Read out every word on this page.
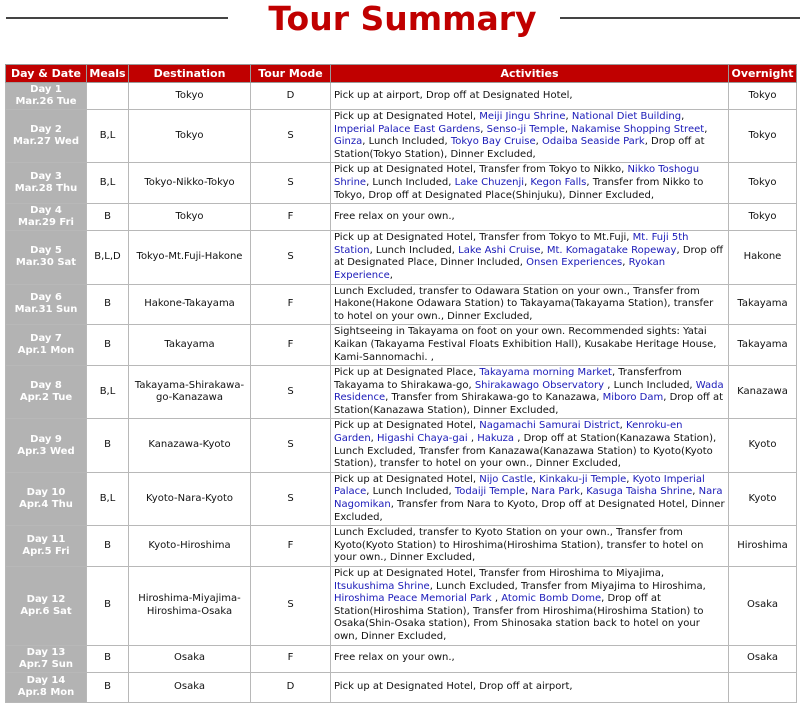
Tour Summary
Day & Date	Meals	Destination	Tour Mode	Activities	Overnight
Day 1
Mar.26 Tue		Tokyo	D	Pick up at airport, Drop off at Designated Hotel,	Tokyo
Day 2
Mar.27 Wed	B,L	Tokyo	S	Pick up at Designated Hotel, Meiji Jingu Shrine, National Diet Building, Imperial Palace East Gardens, Senso-ji Temple, Nakamise Shopping Street, Ginza, Lunch Included, Tokyo Bay Cruise, Odaiba Seaside Park, Drop off at Station(Tokyo Station), Dinner Excluded,	Tokyo
Day 3
Mar.28 Thu	B,L	Tokyo-Nikko-Tokyo	S	Pick up at Designated Hotel, Transfer from Tokyo to Nikko, Nikko Toshogu Shrine, Lunch Included, Lake Chuzenji, Kegon Falls, Transfer from Nikko to Tokyo, Drop off at Designated Place(Shinjuku), Dinner Excluded,	Tokyo
Day 4
Mar.29 Fri	B	Tokyo	F	Free relax on your own.,	Tokyo
Day 5
Mar.30 Sat	B,L,D	Tokyo-Mt.Fuji-Hakone	S	Pick up at Designated Hotel, Transfer from Tokyo to Mt.Fuji, Mt. Fuji 5th Station, Lunch Included, Lake Ashi Cruise, Mt. Komagatake Ropeway, Drop off at Designated Place, Dinner Included, Onsen Experiences, Ryokan Experience,	Hakone
Day 6
Mar.31 Sun	B	Hakone-Takayama	F	Lunch Excluded, transfer to Odawara Station on your own., Transfer from Hakone(Hakone Odawara Station) to Takayama(Takayama Station), transfer to hotel on your own., Dinner Excluded,	Takayama
Day 7
Apr.1 Mon	B	Takayama	F	Sightseeing in Takayama on foot on your own. Recommended sights: Yatai Kaikan (Takayama Festival Floats Exhibition Hall), Kusakabe Heritage House, Kami-Sannomachi. ,	Takayama
Day 8
Apr.2 Tue	B,L	Takayama-Shirakawa-go-Kanazawa	S	Pick up at Designated Place, Takayama morning Market, Transferfrom Takayama to Shirakawa-go, Shirakawago Observatory , Lunch Included, Wada Residence, Transfer from Shirakawa-go to Kanazawa, Miboro Dam, Drop off at Station(Kanazawa Station), Dinner Excluded,	Kanazawa
Day 9
Apr.3 Wed	B	Kanazawa-Kyoto	S	Pick up at Designated Hotel, Nagamachi Samurai District, Kenroku-en Garden, Higashi Chaya-gai , Hakuza , Drop off at Station(Kanazawa Station), Lunch Excluded, Transfer from Kanazawa(Kanazawa Station) to Kyoto(Kyoto Station), transfer to hotel on your own., Dinner Excluded,	Kyoto
Day 10
Apr.4 Thu	B,L	Kyoto-Nara-Kyoto	S	Pick up at Designated Hotel, Nijo Castle, Kinkaku-ji Temple, Kyoto Imperial Palace, Lunch Included, Todaiji Temple, Nara Park, Kasuga Taisha Shrine, Nara Nagomikan, Transfer from Nara to Kyoto, Drop off at Designated Hotel, Dinner Excluded,	Kyoto
Day 11
Apr.5 Fri	B	Kyoto-Hiroshima	F	Lunch Excluded, transfer to Kyoto Station on your own., Transfer from Kyoto(Kyoto Station) to Hiroshima(Hiroshima Station), transfer to hotel on your own., Dinner Excluded,	Hiroshima
Day 12
Apr.6 Sat	B	Hiroshima-Miyajima-Hiroshima-Osaka	S	Pick up at Designated Hotel, Transfer from Hiroshima to Miyajima, Itsukushima Shrine, Lunch Excluded, Transfer from Miyajima to Hiroshima, Hiroshima Peace Memorial Park , Atomic Bomb Dome, Drop off at Station(Hiroshima Station), Transfer from Hiroshima(Hiroshima Station) to Osaka(Shin-Osaka station), From Shinosaka station back to hotel on your own, Dinner Excluded,	Osaka
Day 13
Apr.7 Sun	B	Osaka	F	Free relax on your own.,	Osaka
Day 14
Apr.8 Mon	B	Osaka	D	Pick up at Designated Hotel, Drop off at airport,	
